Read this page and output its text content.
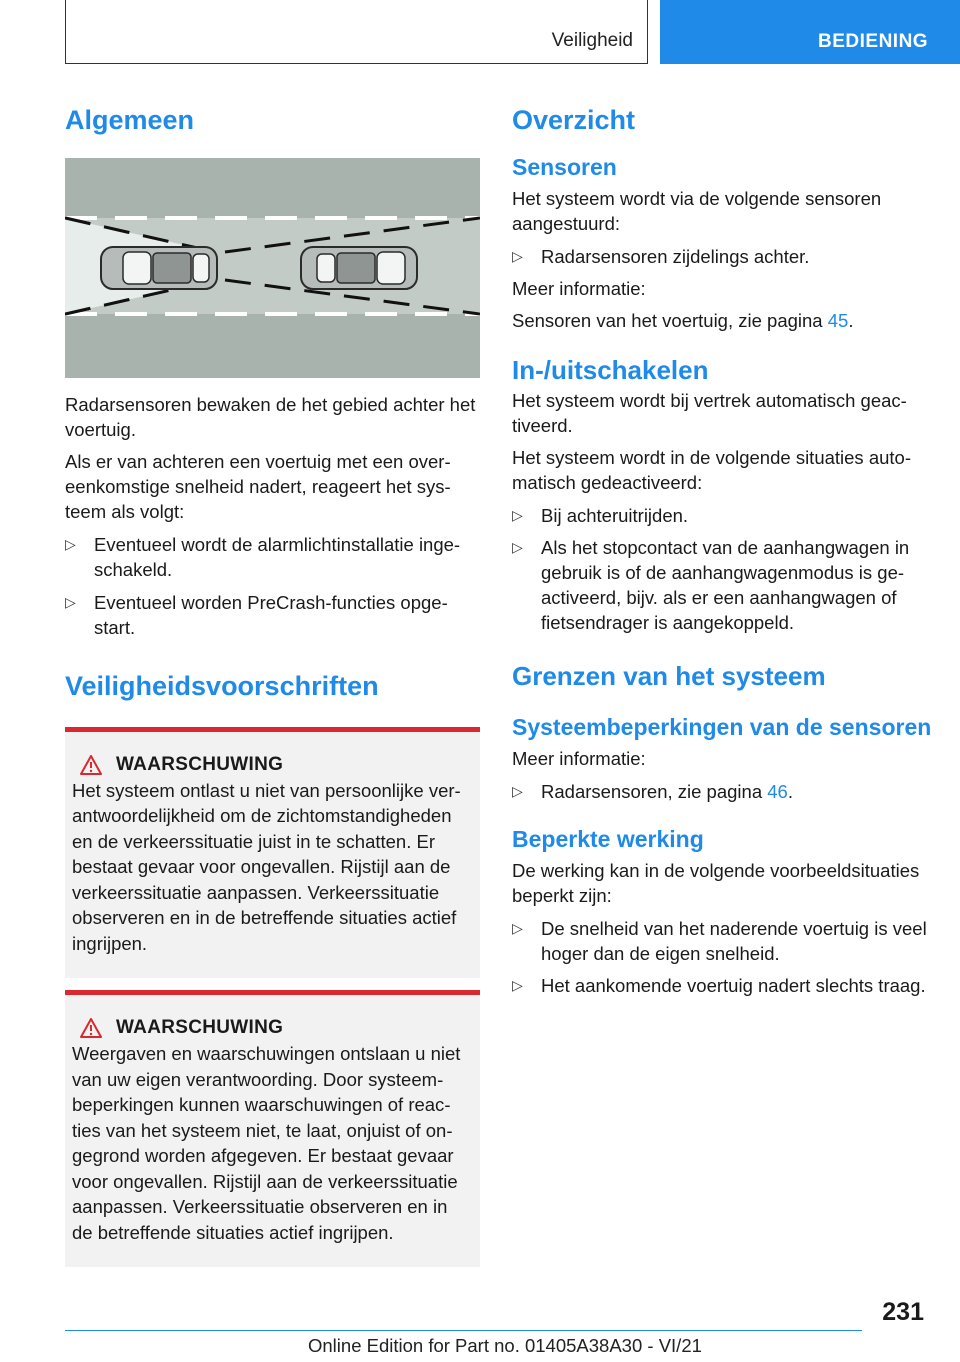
Veiligheid	BEDIENING
Algemeen

Radarsensoren bewaken de het gebied achter het voertuig.

Als er van achteren een voertuig met een overeenkomstige snelheid nadert, reageert het systeem als volgt:

▷ Eventueel wordt de alarmlichtinstallatie ingeschakeld.
▷ Eventueel worden PreCrash-functies opgestart.
Veiligheidsvoorschriften
WAARSCHUWING

Het systeem ontlast u niet van persoonlijke verantwoordelijkheid om de zichtomstandigheden en de verkeerssituatie juist in te schatten. Er bestaat gevaar voor ongevallen. Rijstijl aan de verkeerssituatie aanpassen. Verkeerssituatie observeren en in de betreffende situaties actief ingrijpen.

WAARSCHUWING

Weergaven en waarschuwingen ontslaan u niet van uw eigen verantwoording. Door systeembeperkingen kunnen waarschuwingen of reacties van het systeem niet, te laat, onjuist of ongegrond worden afgegeven. Er bestaat gevaar voor ongevallen. Rijstijl aan de verkeerssituatie aanpassen. Verkeerssituatie observeren en in de betreffende situaties actief ingrijpen.

Overzicht
Sensoren

Het systeem wordt via de volgende sensoren aangestuurd:

▷ Radarsensoren zijdelings achter.

Meer informatie:

Sensoren van het voertuig, zie pagina 45.

In-/uitschakelen

Het systeem wordt bij vertrek automatisch geactiveerd.

Het systeem wordt in de volgende situaties automatisch gedeactiveerd:

▷ Bij achteruitrijden.
▷ Als het stopcontact van de aanhangwagen in gebruik is of de aanhangwagenmodus is geactiveerd, bijv. als er een aanhangwagen of fietsendrager is aangekoppeld.
Grenzen van het systeem
Systeembeperkingen van de sensoren

Meer informatie:

▷ Radarsensoren, zie pagina 46.
Beperkte werking

De werking kan in de volgende voorbeeldsituaties beperkt zijn:

▷ De snelheid van het naderende voertuig is veel hoger dan de eigen snelheid.
▷ Het aankomende voertuig nadert slechts traag.
231
Online Edition for Part no. 01405A38A30 - VI/21
